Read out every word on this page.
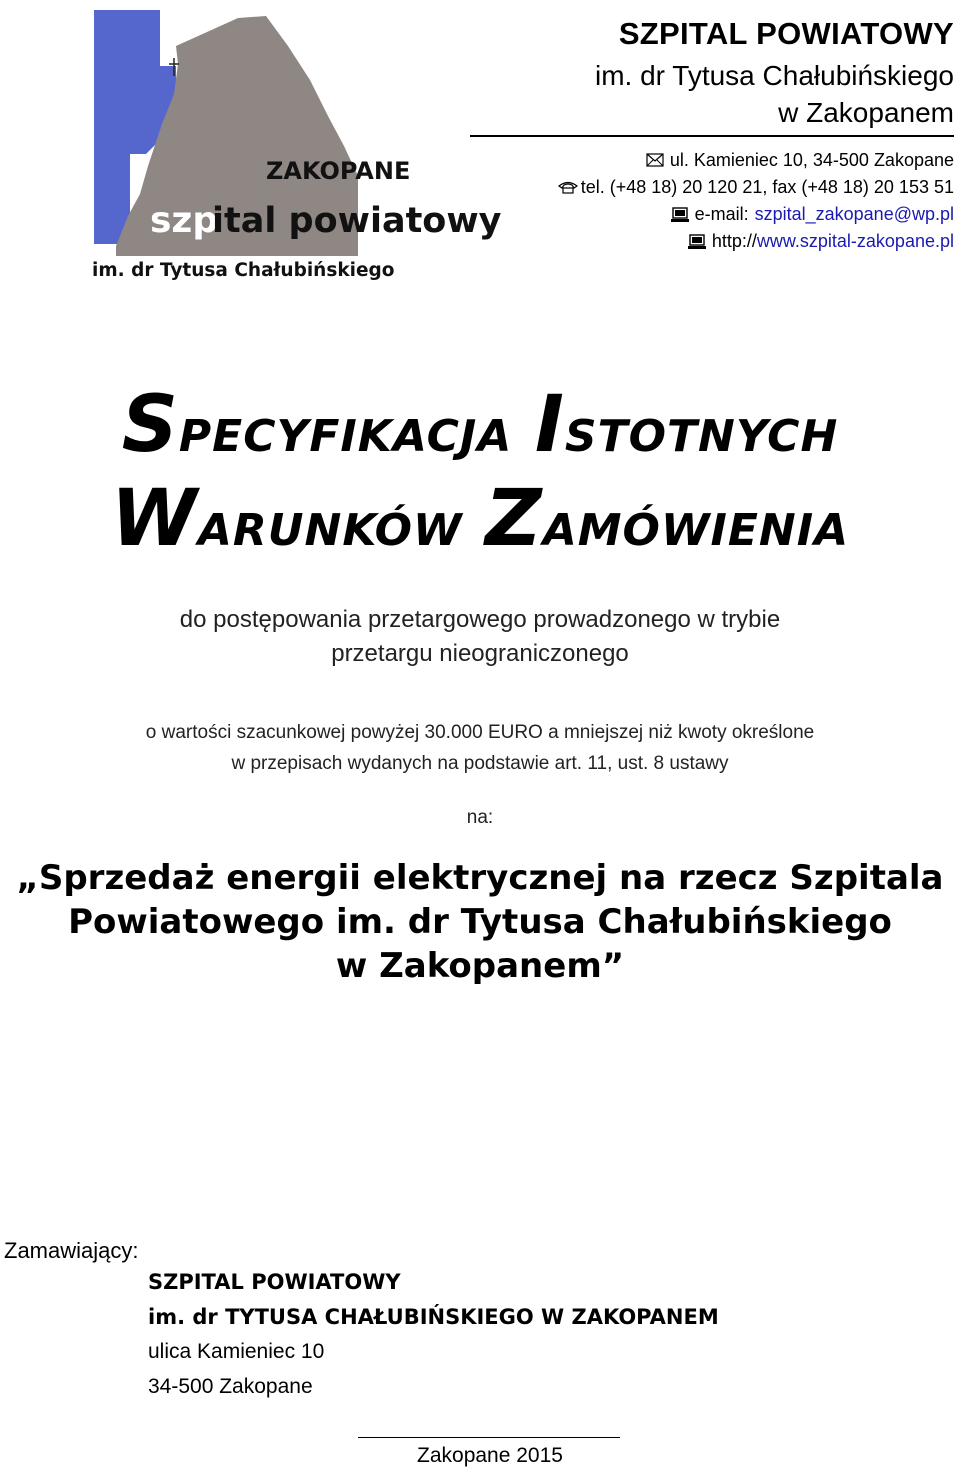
ZAKOPANE
szp
ital powiatowy
im. dr Tytusa Chałubińskiego
SZPITAL POWIATOWY
im. dr Tytusa Chałubińskiego
w Zakopanem
ul. Kamieniec 10, 34-500 Zakopane
tel. (+48 18) 20 120 21, fax (+48 18) 20 153 51
e-mail: szpital_zakopane@wp.pl
http:// www.szpital-zakopane.pl
SPECYFIKACJA ISTOTNYCH
WARUNKÓW ZAMÓWIENIA
do postępowania przetargowego prowadzonego w trybie
przetargu nieograniczonego
o wartości szacunkowej powyżej 30.000 EURO a mniejszej niż kwoty określone
w przepisach wydanych na podstawie art. 11, ust. 8 ustawy
na:
„Sprzedaż energii elektrycznej na rzecz Szpitala
Powiatowego im. dr Tytusa Chałubińskiego
w Zakopanem”
Zamawiający:
SZPITAL POWIATOWY
im. dr TYTUSA CHAŁUBIŃSKIEGO W ZAKOPANEM
ulica Kamieniec 10
34-500 Zakopane
Zakopane 2015
